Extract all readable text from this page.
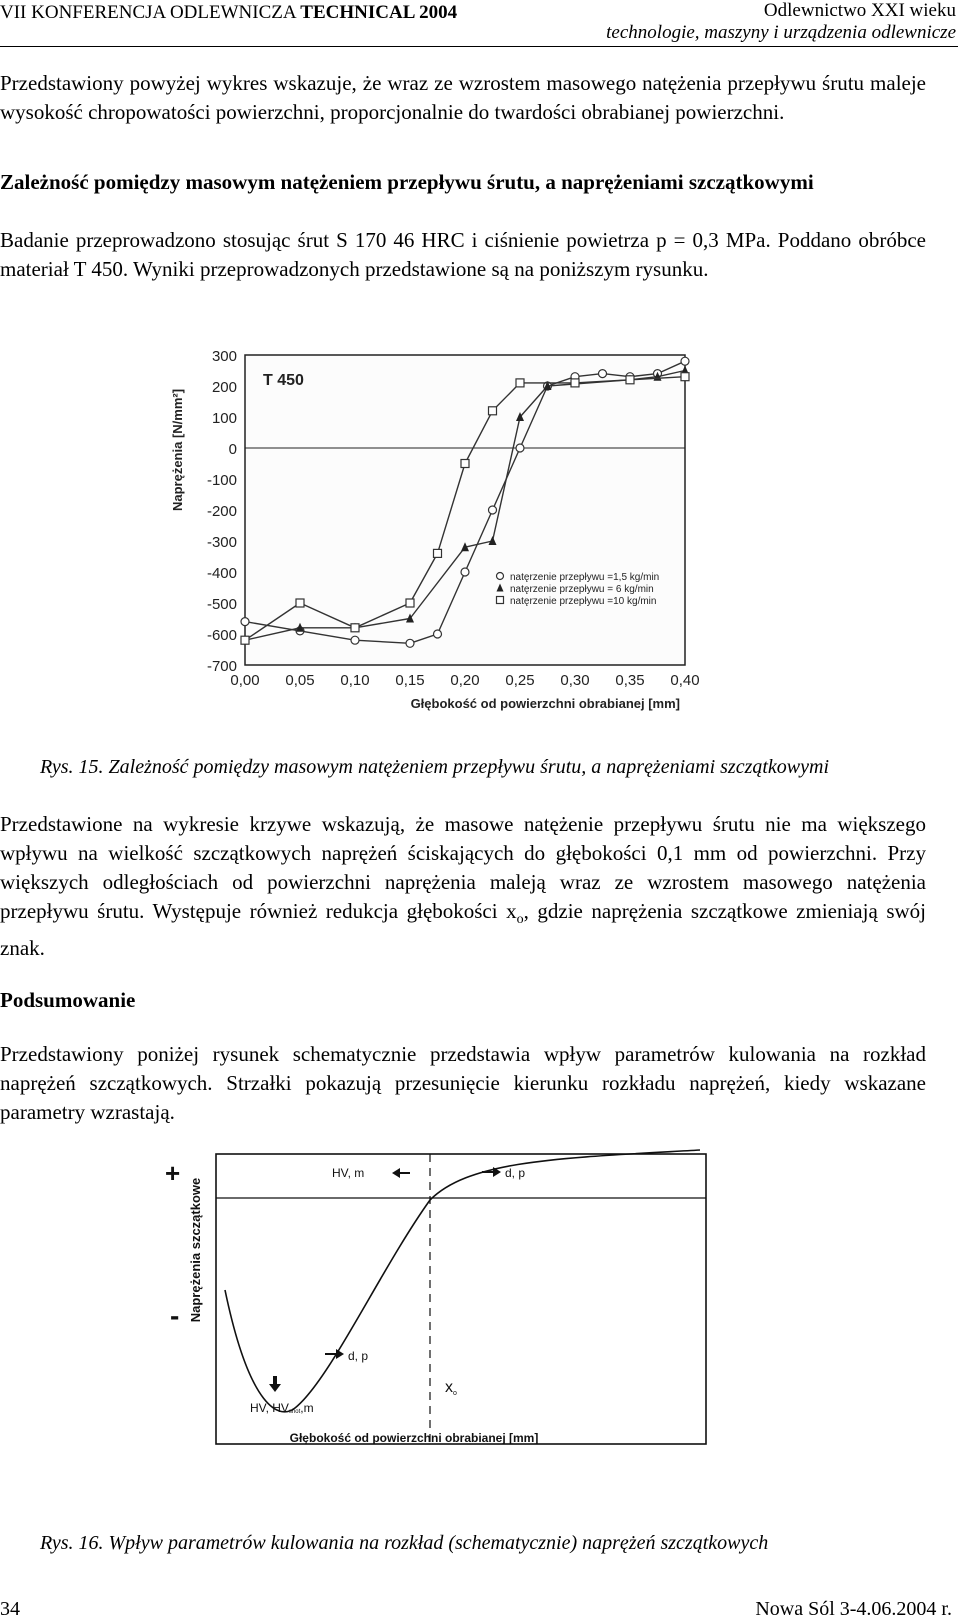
VII KONFERENCJA ODLEWNICZA TECHNICAL 2004	Odlewnictwo XXI wieku
technologie, maszyny i urządzenia odlewnicze
Przedstawiony powyżej wykres wskazuje, że wraz ze wzrostem masowego natężenia przepływu śrutu maleje wysokość chropowatości powierzchni, proporcjonalnie do twardości obrabianej powierzchni.
Zależność pomiędzy masowym natężeniem przepływu śrutu, a naprężeniami szczątkowymi
Badanie przeprowadzono stosując śrut S 170 46 HRC i ciśnienie powietrza p = 0,3 MPa. Poddano obróbce materiał T 450. Wyniki przeprowadzonych przedstawione są na poniższym rysunku.
300
200
100
0
-100
-200
-300
-400
-500
-600
-700
0,00 0,05 0,10 0,15 0,20 0,25 0,30 0,35 0,40
Głębokość od powierzchni obrabianej [mm]
Naprężenia [N/mm²]
T 450
natęrzenie przepływu =1,5 kg/min
natęrzenie przepływu = 6 kg/min
natęrzenie przepływu =10 kg/min
Rys. 15. Zależność pomiędzy masowym natężeniem przepływu śrutu, a naprężeniami szczątkowymi
Przedstawione na wykresie krzywe wskazują, że masowe natężenie przepływu śrutu nie ma większego wpływu na wielkość szczątkowych naprężeń ściskających do głębokości 0,1 mm od powierzchni. Przy większych odległościach od powierzchni naprężenia maleją wraz ze wzrostem masowego natężenia przepływu śrutu. Występuje również redukcja głębokości $x_o$, gdzie naprężenia szczątkowe zmieniają swój znak.
Podsumowanie
Przedstawiony poniżej rysunek schematycznie przedstawia wpływ parametrów kulowania na rozkład naprężeń szczątkowych. Strzałki pokazują przesunięcie kierunku rozkładu naprężeń, kiedy wskazane parametry wzrastają.
+
- Naprężenia szczątkowe
Głębokość od powierzchni obrabianej [mm]
HV, m	d, p
d, p
HV, HVshot,m
xo
Rys. 16. Wpływ parametrów kulowania na rozkład (schematycznie) naprężeń szczątkowych
34	Nowa Sól 3-4.06.2004 r.
